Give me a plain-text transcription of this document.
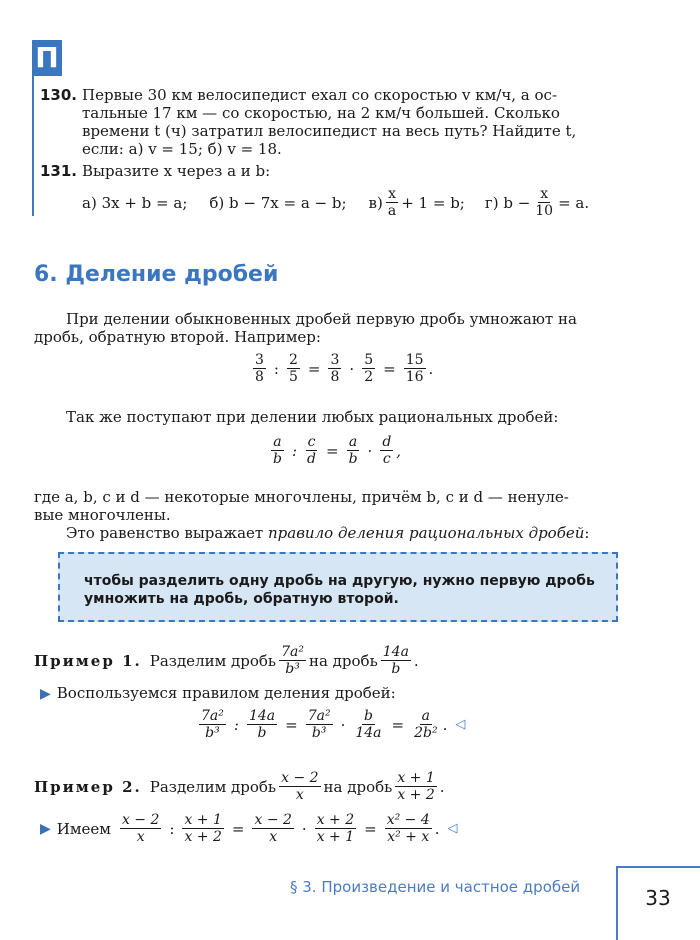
П
130. Первые 30 км велосипедист ехал со скоростью v км/ч, а ос-
тальные 17 км — со скоростью, на 2 км/ч большей. Сколько
времени t (ч) затратил велосипедист на весь путь? Найдите t,
если: а) v = 15; б) v = 18.
131. Выразите x через a и b:
а) 3x + b = a; б) b − 7x = a − b; $в) \frac{x}{a} + 1 = b$; г) $b - \frac{x}{10} = a$.
6. Деление дробей
При делении обыкновенных дробей первую дробь умножают на
дробь, обратную второй. Например:
$\frac{3}{8}$ : $\frac{2}{5} = \frac{3}{8} \cdot \frac{5}{2} = \frac{15}{16}$ .
Так же поступают при делении любых рациональных дробей:
$\frac{a}{b}$ : $\frac{c}{d} = \frac{a}{b} \cdot \frac{d}{c}$ ,
где a, b, c и d — некоторые многочлены, причём b, c и d — ненуле-
вые многочлены.
Это равенство выражает правило деления рациональных дробей:
чтобы разделить одну дробь на другую, нужно первую дробь
умножить на дробь, обратную второй.
Пример 1. Разделим дробь $\frac{\text{7a²}}{\text{b³}}$ на дробь $\frac{14a}{b}$ .
▶ Воспользуемся правилом деления дробей:
$\frac{\text{7a²}}{\text{b³}}$ : $\frac{14a}{b} = \frac{\text{7a²}}{\text{b³}} \cdot \frac{b}{14a} = \frac{a}{\text{2b²}}$ . ◁
Пример 2. Разделим дробь $\frac{x - 2}{x}$ на дробь $\frac{x + 1}{x + 2}$ .
▶ Имеем $\frac{x - 2}{x}$ : $\frac{x + 1}{x + 2} = \frac{x - 2}{x} \cdot \frac{x + 2}{x + 1} = \frac{\text{x² − 4}}{\text{x² + x}}$ . ◁
§ 3. Произведение и частное дробей	33
